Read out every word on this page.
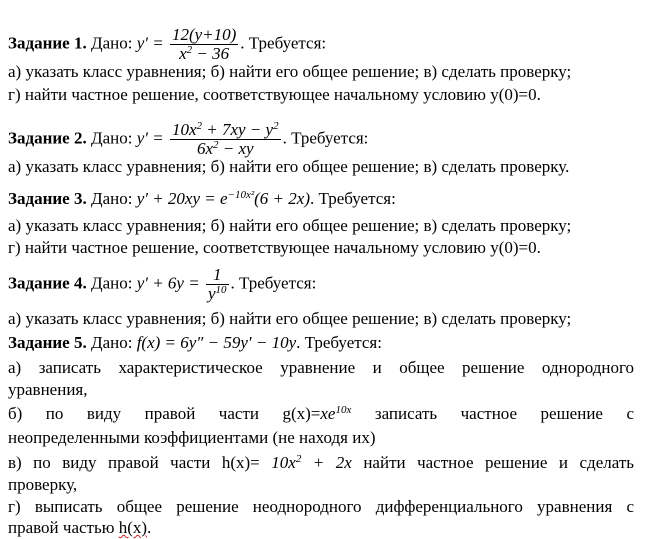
Задание 1. Дано: $y' = \frac{12(y+10)}{x^2 - 36}$ . Требуется:
а) указать класс уравнения; б) найти его общее решение; в) сделать проверку;
г) найти частное решение, соответствующее начальному условию y(0)=0.
Задание 2. Дано: $y' = \frac{10x^2 + 7xy - y^2}{6x^2 - xy}$ . Требуется:
а) указать класс уравнения; б) найти его общее решение; в) сделать проверку.
Задание 3. Дано: $y' + 20xy = e^{-10x^2}(6 + 2x)$. Требуется:
а) указать класс уравнения; б) найти его общее решение; в) сделать проверку;
г) найти частное решение, соответствующее начальному условию y(0)=0.
Задание 4. Дано: $y' + 6y = \frac{1}{y^{10}}$ . Требуется:
а) указать класс уравнения; б) найти его общее решение; в) сделать проверку;
Задание 5. Дано: f(x) = 6y″ − 59y′ − 10y. Требуется:
а) записать характеристическое уравнение и общее решение однородного
уравнения,
б) по виду правой части $g(x)=xe^{10x}$ записать частное решение с
неопределенными коэффициентами (не находя их)
в) по виду правой части $h(x)= 10x^2 + 2x$ найти частное решение и сделать
проверку,
г) выписать общее решение неоднородного дифференциального уравнения с
правой частью h(x).
